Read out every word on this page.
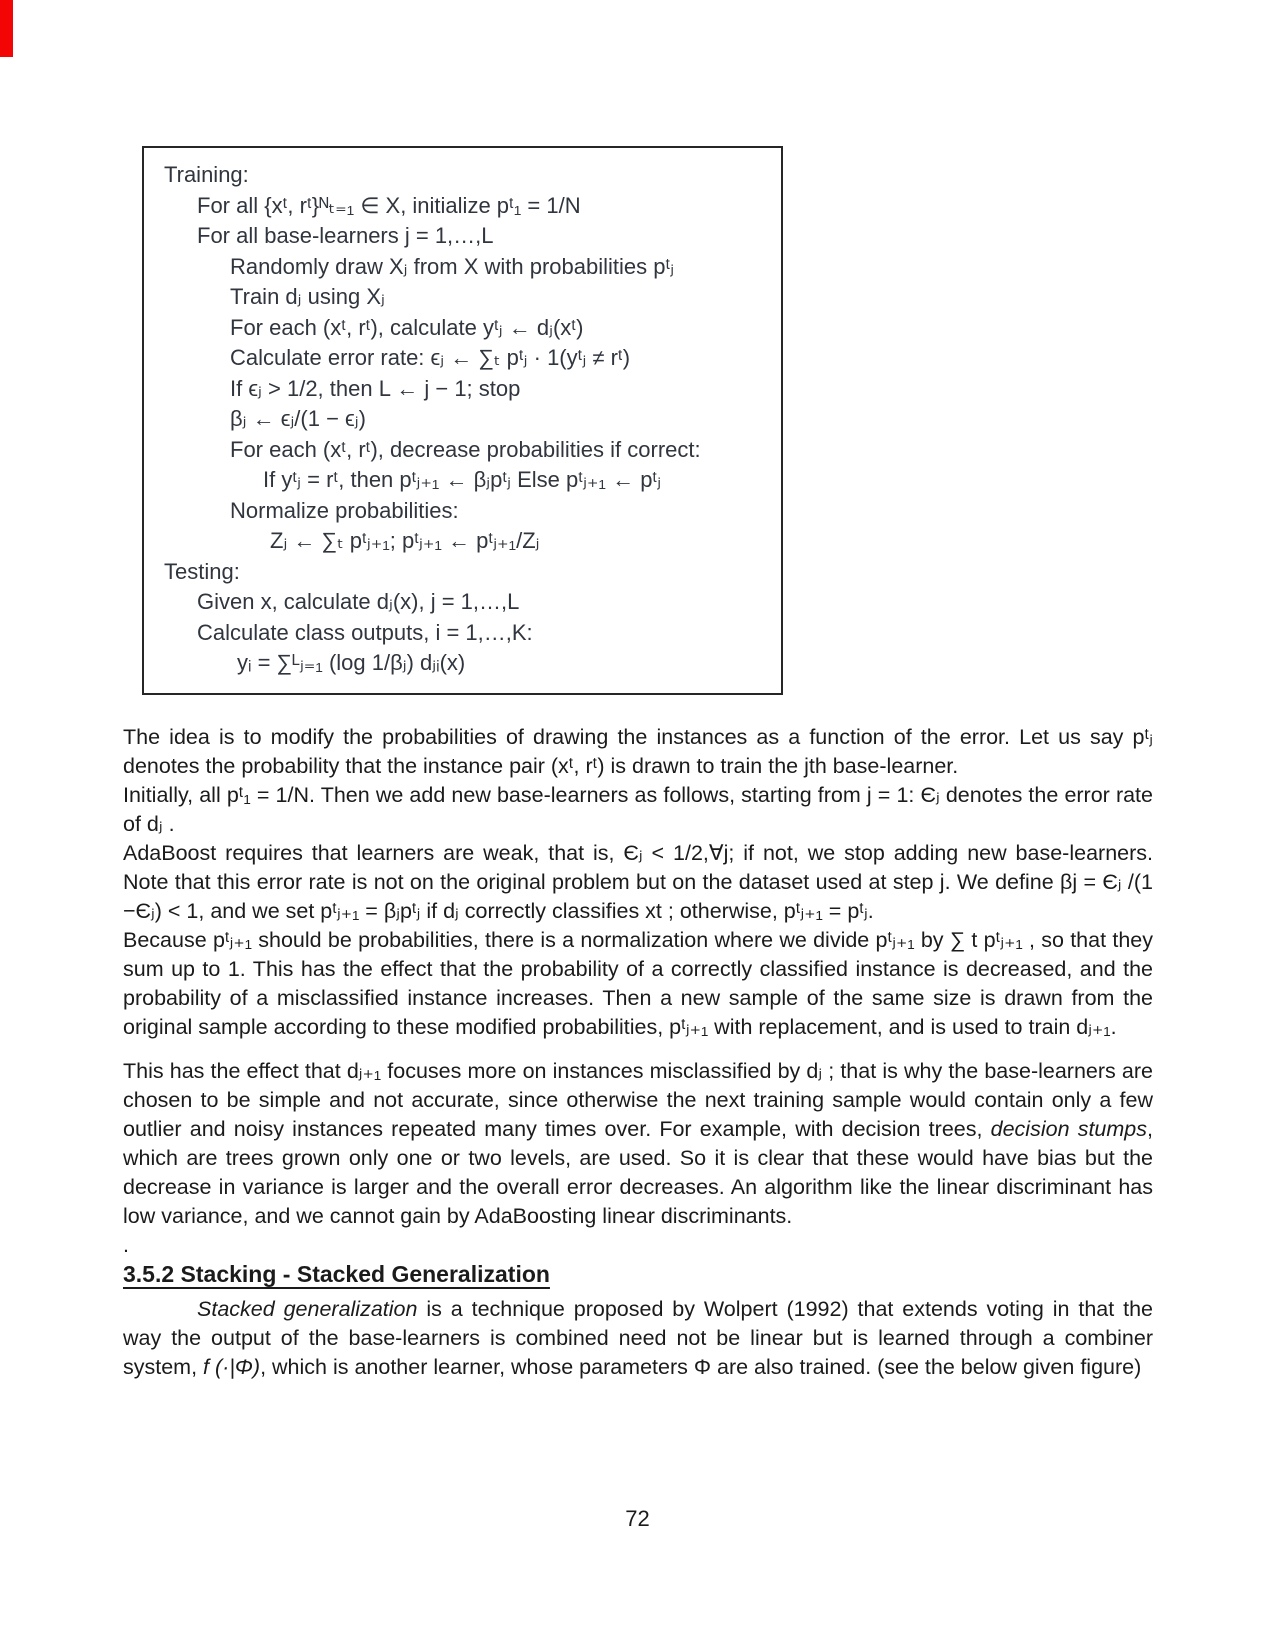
Training:
For all {xᵗ, rᵗ}ᴺₜ₌₁ ∈ X, initialize pᵗ₁ = 1/N
For all base-learners j = 1,…,L
Randomly draw Xⱼ from X with probabilities pᵗⱼ
Train dⱼ using Xⱼ
For each (xᵗ, rᵗ), calculate yᵗⱼ ← dⱼ(xᵗ)
Calculate error rate: ϵⱼ ← ∑ₜ pᵗⱼ · 1(yᵗⱼ ≠ rᵗ)
If ϵⱼ > 1/2, then L ← j − 1; stop
βⱼ ← ϵⱼ/(1 − ϵⱼ)
For each (xᵗ, rᵗ), decrease probabilities if correct:
If yᵗⱼ = rᵗ, then pᵗⱼ₊₁ ← βⱼpᵗⱼ Else pᵗⱼ₊₁ ← pᵗⱼ
Normalize probabilities:
Zⱼ ← ∑ₜ pᵗⱼ₊₁; pᵗⱼ₊₁ ← pᵗⱼ₊₁/Zⱼ
Testing:
Given x, calculate dⱼ(x), j = 1,…,L
Calculate class outputs, i = 1,…,K:
yᵢ = ∑ᴸⱼ₌₁ (log 1/βⱼ) dⱼᵢ(x)

The idea is to modify the probabilities of drawing the instances as a function of the error. Let us say pᵗⱼ denotes the probability that the instance pair (xᵗ, rᵗ) is drawn to train the jth base-learner.

Initially, all pᵗ₁ = 1/N. Then we add new base-learners as follows, starting from j = 1: Єⱼ denotes the error rate of dⱼ .

AdaBoost requires that learners are weak, that is, Єⱼ < 1/2,∀j; if not, we stop adding new base-learners. Note that this error rate is not on the original problem but on the dataset used at step j. We define βj = Єⱼ /(1 −Єⱼ) < 1, and we set pᵗⱼ₊₁ = βⱼpᵗⱼ if dⱼ correctly classifies xt ; otherwise, pᵗⱼ₊₁ = pᵗⱼ.

Because pᵗⱼ₊₁ should be probabilities, there is a normalization where we divide pᵗⱼ₊₁ by ∑ t pᵗⱼ₊₁ , so that they sum up to 1. This has the effect that the probability of a correctly classified instance is decreased, and the probability of a misclassified instance increases. Then a new sample of the same size is drawn from the original sample according to these modified probabilities, pᵗⱼ₊₁ with replacement, and is used to train dⱼ₊₁.

This has the effect that dⱼ₊₁ focuses more on instances misclassified by dⱼ ; that is why the base-learners are chosen to be simple and not accurate, since otherwise the next training sample would contain only a few outlier and noisy instances repeated many times over. For example, with decision trees, decision stumps, which are trees grown only one or two levels, are used. So it is clear that these would have bias but the decrease in variance is larger and the overall error decreases. An algorithm like the linear discriminant has low variance, and we cannot gain by AdaBoosting linear discriminants.

.

3.5.2 Stacking - Stacked Generalization

Stacked generalization is a technique proposed by Wolpert (1992) that extends voting in that the way the output of the base-learners is combined need not be linear but is learned through a combiner system, f (·|Φ), which is another learner, whose parameters Φ are also trained. (see the below given figure)

72
